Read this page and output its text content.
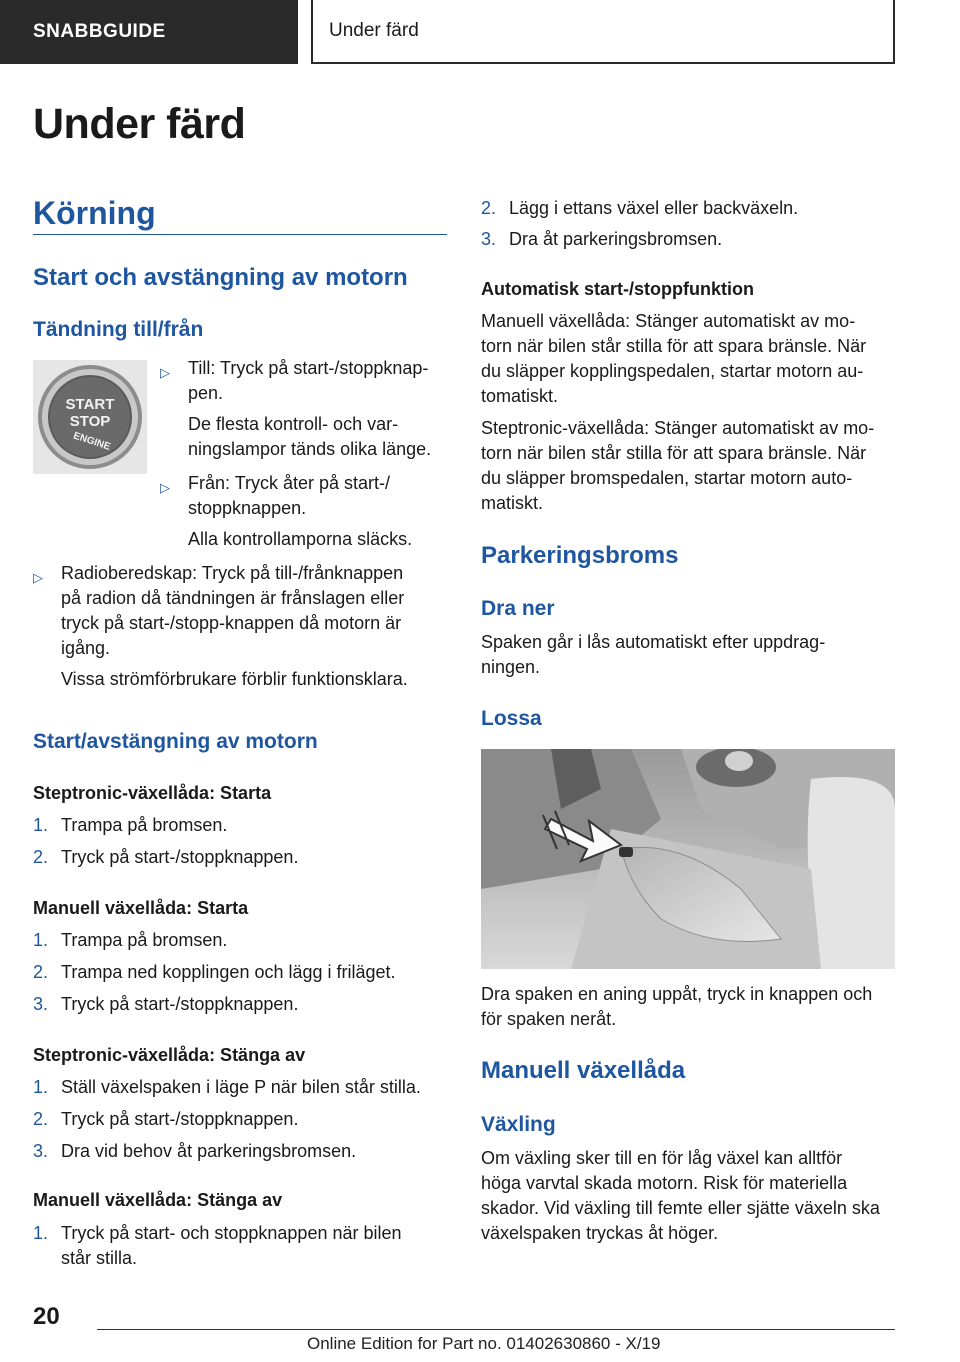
SNABBGUIDE	Under färd
Under färd
Körning
Start och avstängning av motorn
Tändning till/från
START
STOP
ENGINE
▷ Till: Tryck på start-/stoppknap-
pen.
De flesta kontroll- och var-
ningslampor tänds olika länge.
▷ Från: Tryck åter på start-/
stoppknappen.
Alla kontrollamporna släcks.
▷ Radioberedskap: Tryck på till-/frånknappen
på radion då tändningen är frånslagen eller
tryck på start-/stopp-knappen då motorn är
igång.
Vissa strömförbrukare förblir funktionsklara.
Start/avstängning av motorn
Steptronic-växellåda: Starta
1. Trampa på bromsen.
2. Tryck på start-/stoppknappen.
Manuell växellåda: Starta
1. Trampa på bromsen.
2. Trampa ned kopplingen och lägg i friläget.
3. Tryck på start-/stoppknappen.
Steptronic-växellåda: Stänga av
1. Ställ växelspaken i läge P när bilen står stilla.
2. Tryck på start-/stoppknappen.
3. Dra vid behov åt parkeringsbromsen.
Manuell växellåda: Stänga av
1. Tryck på start- och stoppknappen när bilen
står stilla.
2. Lägg i ettans växel eller backväxeln.
3. Dra åt parkeringsbromsen.
Automatisk start-/stoppfunktion
Manuell växellåda: Stänger automatiskt av mo-
torn när bilen står stilla för att spara bränsle. När
du släpper kopplingspedalen, startar motorn au-
tomatiskt.
Steptronic-växellåda: Stänger automatiskt av mo-
torn när bilen står stilla för att spara bränsle. När
du släpper bromspedalen, startar motorn auto-
matiskt.
Parkeringsbroms
Dra ner
Spaken går i lås automatiskt efter uppdrag-
ningen.
Lossa
Dra spaken en aning uppåt, tryck in knappen och
för spaken neråt.
Manuell växellåda
Växling
Om växling sker till en för låg växel kan alltför
höga varvtal skada motorn. Risk för materiella
skador. Vid växling till femte eller sjätte växeln ska
växelspaken tryckas åt höger.
20
Online Edition for Part no. 01402630860 - X/19
